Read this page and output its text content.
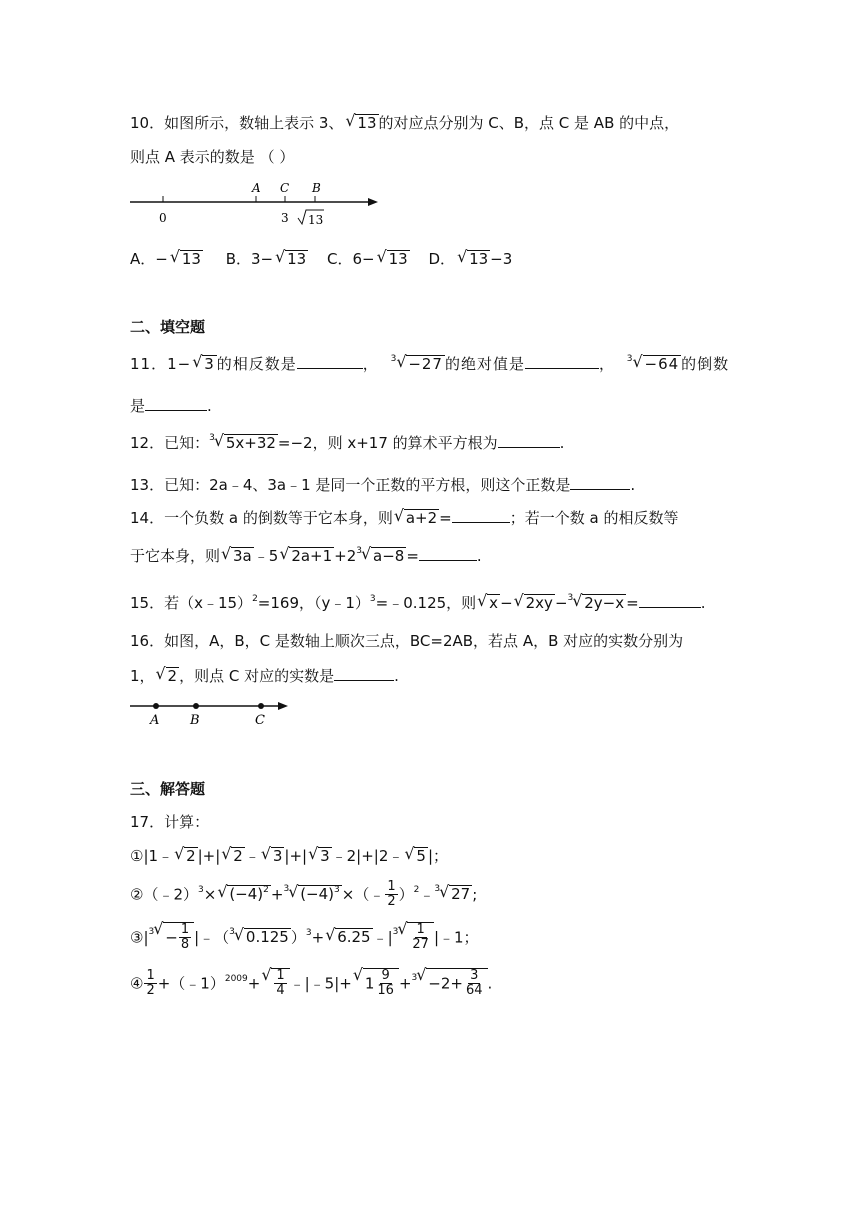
10．如图所示，数轴上表示 3、√ 13 的对应点分别为 C、B，点 C 是 AB 的中点，
则点 A 表示的数是 （ ）
0	3
A C B
13
A．−√ 13 B．3−√ 13 C．6−√ 13 D．√ 13 −3
二、填空题
11．1−√ 3 的相反数是	， $^3$√ −27 的绝对值是	， $^3$√ −64 的倒数
是	.
12．已知：$^3$√ 5x+32 =−2，则 x+17 的算术平方根为	.
13．已知：2a﹣4、3a﹣1 是同一个正数的平方根，则这个正数是	.
14．一个负数 a 的倒数等于它本身，则√ a+2 =	；若一个数 a 的相反数等
于它本身，则√ 3a ﹣5√ $2a+1 +2^3√$ a−8 =	.
15．若（x﹣15）$^2$=169，（y﹣1）$^3$=﹣0.125，则√ x −√ 2xy −$^3$√ 2y−x =	.
16．如图，A，B，C 是数轴上顺次三点，BC=2AB，若点 A，B 对应的实数分别为
1，√ 2 ，则点 C 对应的实数是	.
A B	C
三、解答题
17．计算：
①|1﹣√ 2 |+|√ 2 ﹣√ 3 |+|√ 3 ﹣2|+|2﹣√ 5 |；
②（﹣2）$^3$×√ $(-4)^2 +^3√$ $(-4)^3$ ×（﹣ $\frac{1}{2}$ ）$^2$﹣$^3$√ 27 ;
$③|^3√ - \frac{1}{8}$ |﹣（$^3$√ 0.125 ）$^3$+√ 6.25 $﹣|^3$
√ $\frac{1}{27}$ |﹣1；
④ $\frac{1}{2}$ +（﹣1）$^{2009}$+
√ $\frac{1}{4}$ ﹣|﹣5|+√ $1 \frac{9}{16} +^3√ -2+ \frac{3}{64}$ .
